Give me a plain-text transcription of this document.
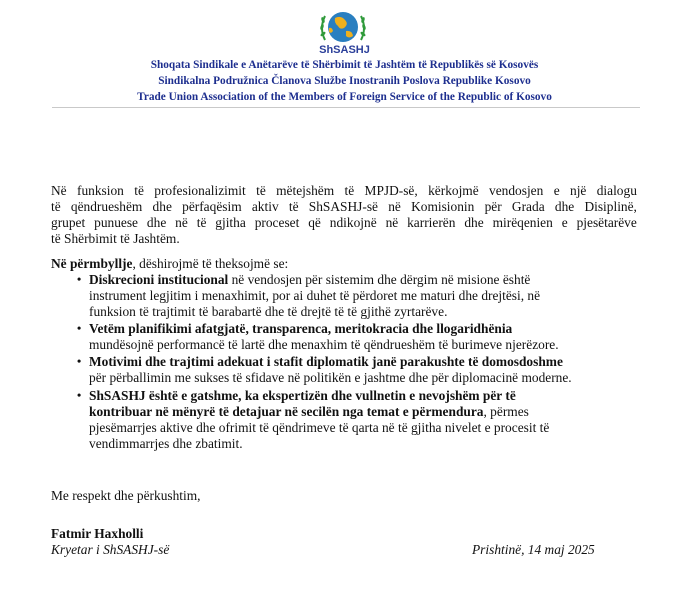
ShSASHJ
Shoqata Sindikale e Anëtarëve të Shërbimit të Jashtëm të Republikës së Kosovës
Sindikalna Podružnica Članova Službe Inostranih Poslova Republike Kosovo
Trade Union Association of the Members of Foreign Service of the Republic of Kosovo
Në funksion të profesionalizimit të mëtejshëm të MPJD-së, kërkojmë vendosjen e një dialogu
të qëndrueshëm dhe përfaqësim aktiv të ShSASHJ-së në Komisionin për Grada dhe Disiplinë,
grupet punuese dhe në të gjitha proceset që ndikojnë në karrierën dhe mirëqenien e pjesëtarëve
të Shërbimit të Jashtëm.
Në përmbyllje, dëshirojmë të theksojmë se:
• Diskrecioni institucional në vendosjen për sistemim dhe dërgim në misione është
instrument legjitim i menaxhimit, por ai duhet të përdoret me maturi dhe drejtësi, në
funksion të trajtimit të barabartë dhe të drejtë të të gjithë zyrtarëve.
• Vetëm planifikimi afatgjatë, transparenca, meritokracia dhe llogaridhënia
mundësojnë performancë të lartë dhe menaxhim të qëndrueshëm të burimeve njerëzore.
• Motivimi dhe trajtimi adekuat i stafit diplomatik janë parakushte të domosdoshme
për përballimin me sukses të sfidave në politikën e jashtme dhe për diplomacinë moderne.
• ShSASHJ është e gatshme, ka ekspertizën dhe vullnetin e nevojshëm për të
kontribuar në mënyrë të detajuar në secilën nga temat e përmendura, përmes
pjesëmarrjes aktive dhe ofrimit të qëndrimeve të qarta në të gjitha nivelet e procesit të
vendimmarrjes dhe zbatimit.
Me respekt dhe përkushtim,
Fatmir Haxholli
Kryetar i ShSASHJ-së	Prishtinë, 14 maj 2025
